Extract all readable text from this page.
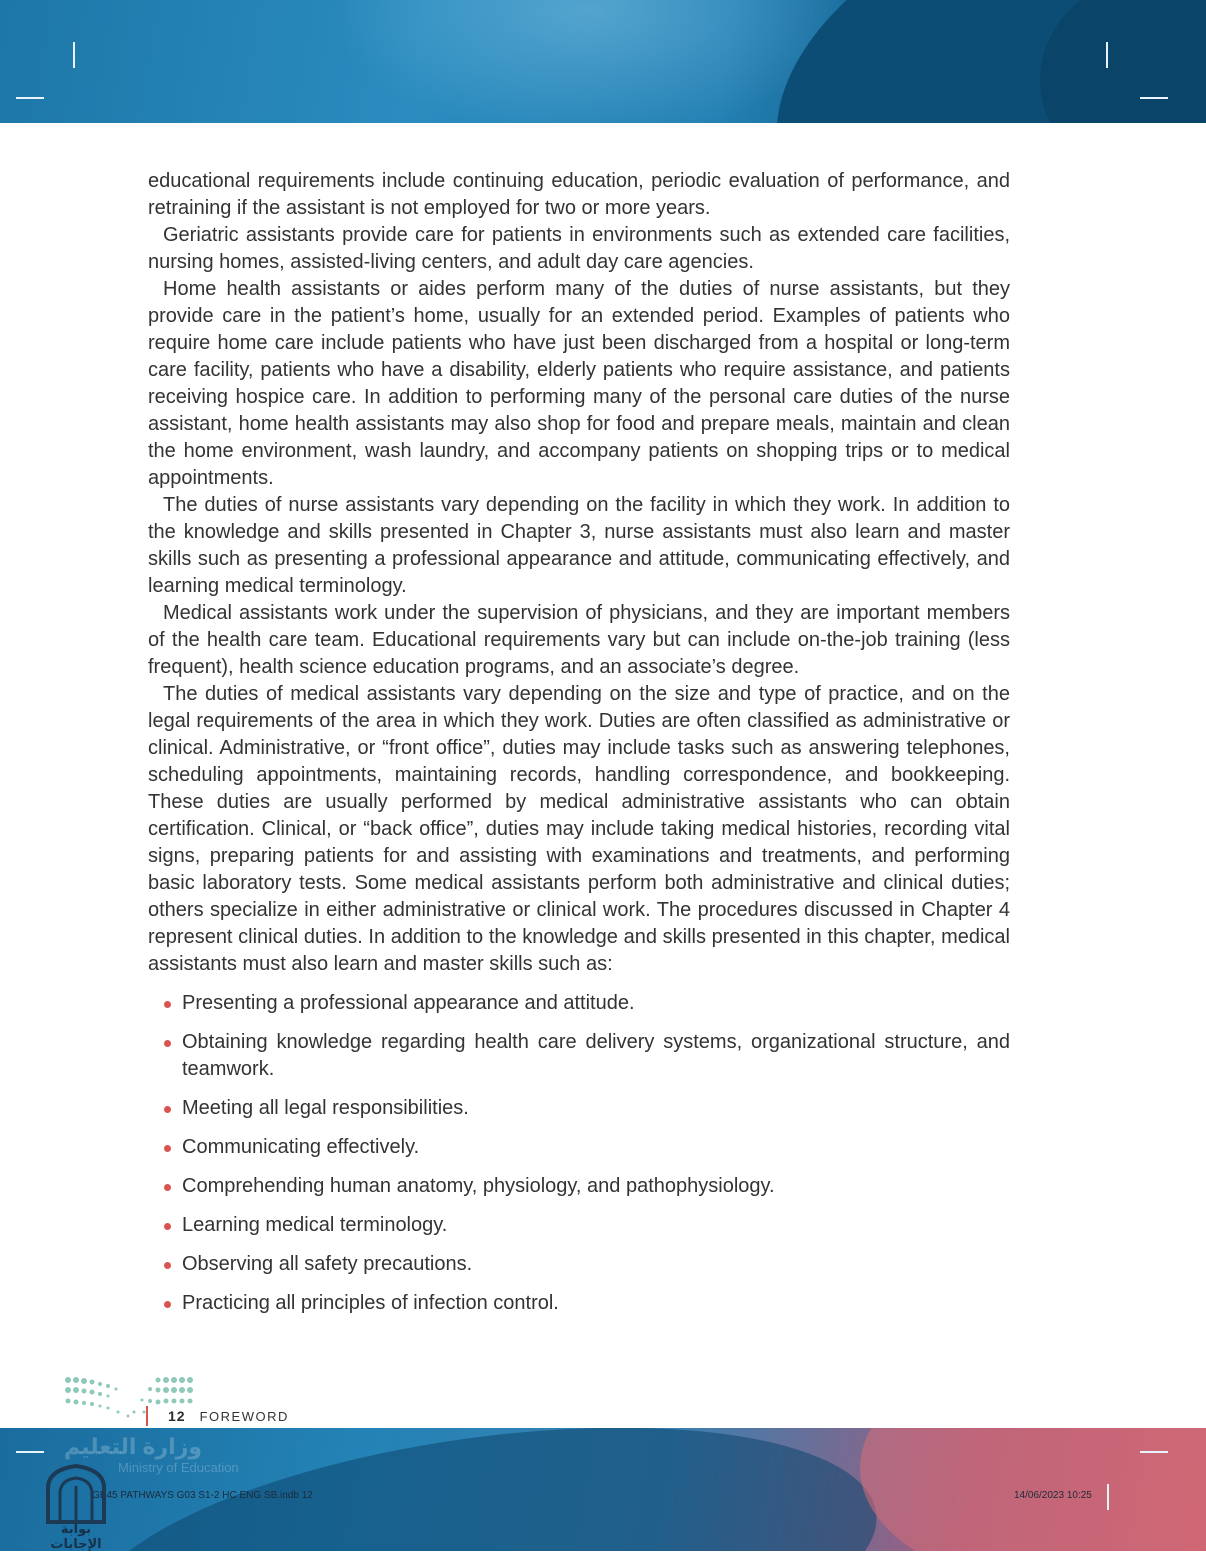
educational requirements include continuing education, periodic evaluation of performance, and retraining if the assistant is not employed for two or more years.

Geriatric assistants provide care for patients in environments such as extended care facilities, nursing homes, assisted-living centers, and adult day care agencies.

Home health assistants or aides perform many of the duties of nurse assistants, but they provide care in the patient’s home, usually for an extended period. Examples of patients who require home care include patients who have just been discharged from a hospital or long-term care facility, patients who have a disability, elderly patients who require assistance, and patients receiving hospice care. In addition to performing many of the personal care duties of the nurse assistant, home health assistants may also shop for food and prepare meals, maintain and clean the home environment, wash laundry, and accompany patients on shopping trips or to medical appointments.

The duties of nurse assistants vary depending on the facility in which they work. In addition to the knowledge and skills presented in Chapter 3, nurse assistants must also learn and master skills such as presenting a professional appearance and attitude, communicating effectively, and learning medical terminology.

Medical assistants work under the supervision of physicians, and they are important members of the health care team. Educational requirements vary but can include on-the-job training (less frequent), health science education programs, and an associate’s degree.

The duties of medical assistants vary depending on the size and type of practice, and on the legal requirements of the area in which they work. Duties are often classified as administrative or clinical. Administrative, or “front office”, duties may include tasks such as answering telephones, scheduling appointments, maintaining records, handling correspondence, and bookkeeping. These duties are usually performed by medical administrative assistants who can obtain certification. Clinical, or “back office”, duties may include taking medical histories, recording vital signs, preparing patients for and assisting with examinations and treatments, and performing basic laboratory tests. Some medical assistants perform both administrative and clinical duties; others specialize in either administrative or clinical work. The procedures discussed in Chapter 4 represent clinical duties. In addition to the knowledge and skills presented in this chapter, medical assistants must also learn and master skills such as:

Presenting a professional appearance and attitude.
Obtaining knowledge regarding health care delivery systems, organizational structure, and teamwork.
Meeting all legal responsibilities.
Communicating effectively.
Comprehending human anatomy, physiology, and pathophysiology.
Learning medical terminology.
Observing all safety precautions.
Practicing all principles of infection control.
12 FOREWORD
وزارة التعليم
Ministry of Education
GE45 PATHWAYS G03 S1-2 HC ENG SB.indb 12	14/06/2023 10:25
بوابة الإجابات
